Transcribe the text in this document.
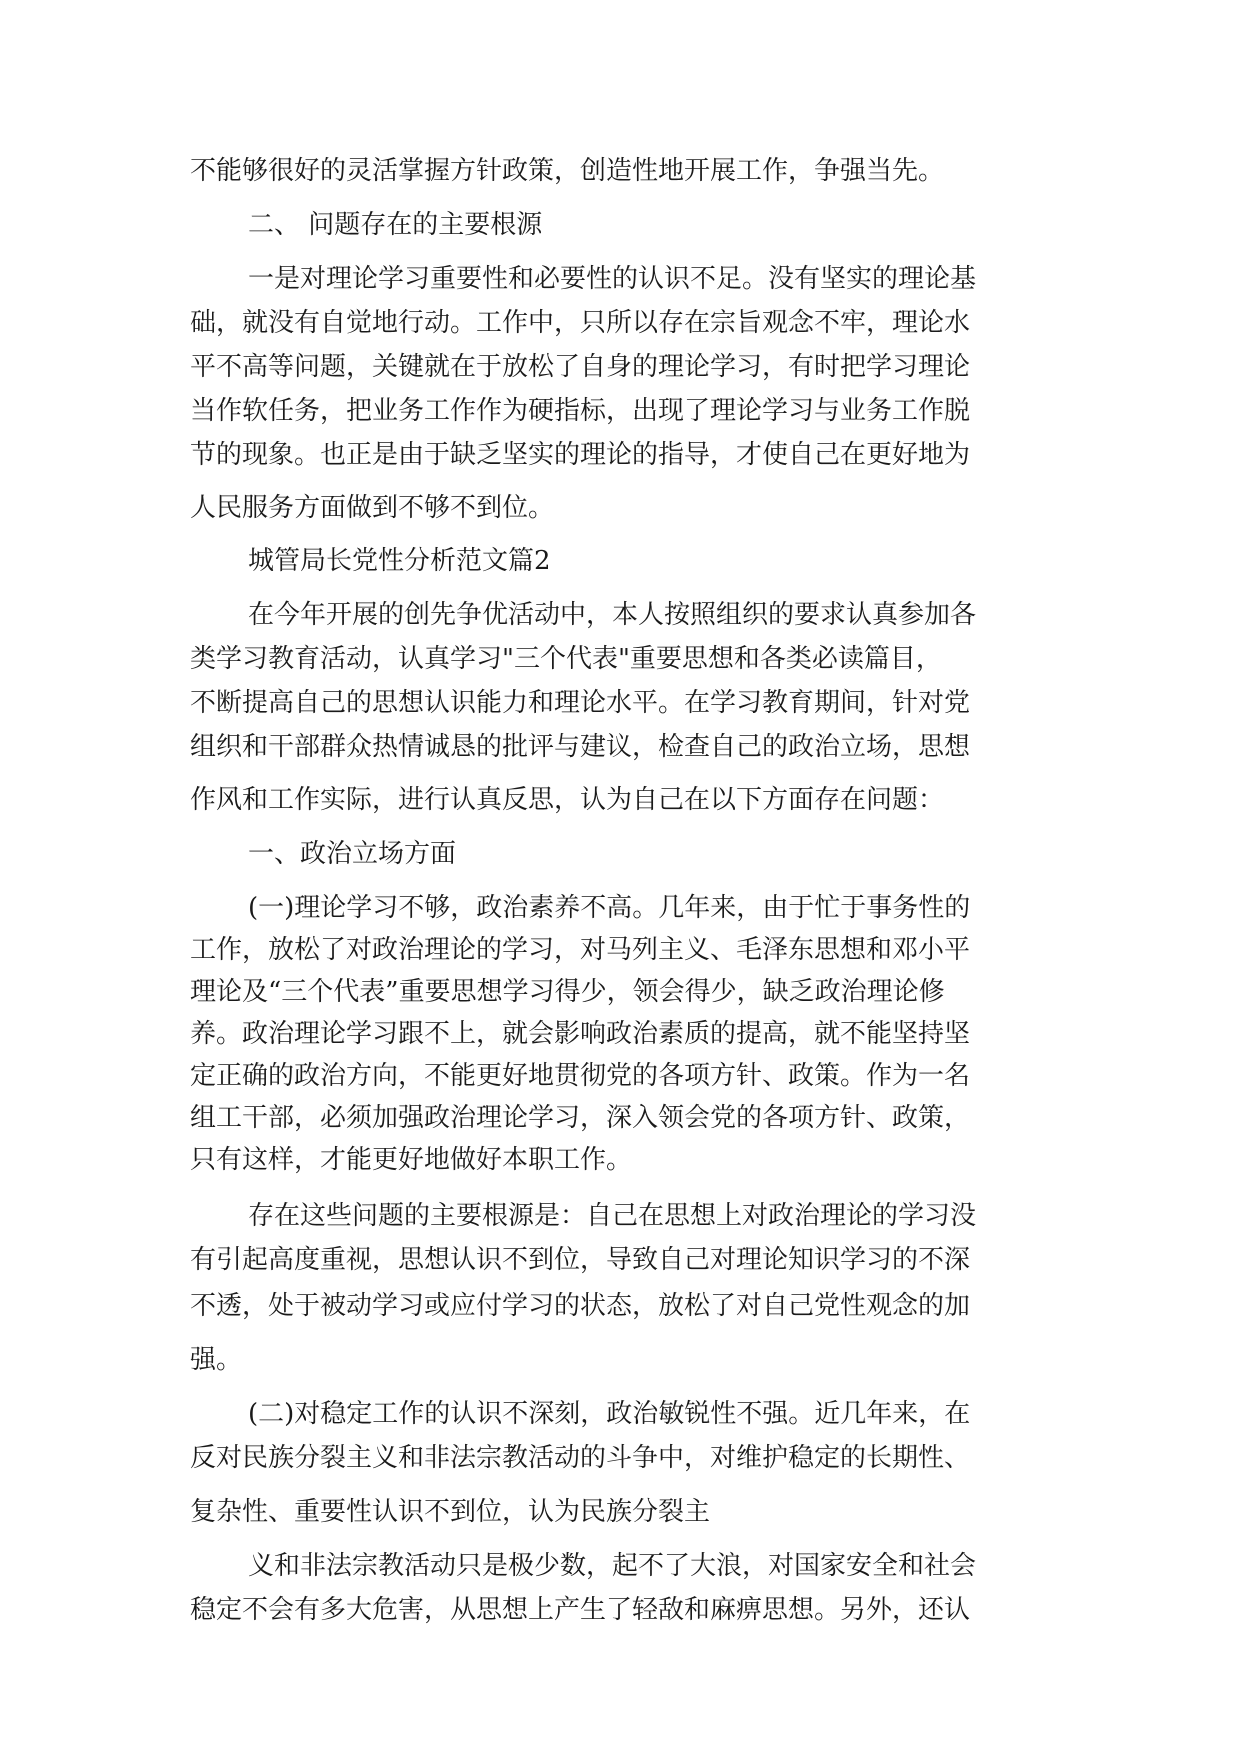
不能够很好的灵活掌握方针政策，创造性地开展工作，争强当先。
二、 问题存在的主要根源
一是对理论学习重要性和必要性的认识不足。没有坚实的理论基
础，就没有自觉地行动。工作中，只所以存在宗旨观念不牢，理论水
平不高等问题，关键就在于放松了自身的理论学习，有时把学习理论
当作软任务，把业务工作作为硬指标，出现了理论学习与业务工作脱
节的现象。也正是由于缺乏坚实的理论的指导，才使自己在更好地为
人民服务方面做到不够不到位。
城管局长党性分析范文篇2
在今年开展的创先争优活动中，本人按照组织的要求认真参加各
类学习教育活动，认真学习"三个代表"重要思想和各类必读篇目，
不断提高自己的思想认识能力和理论水平。在学习教育期间，针对党
组织和干部群众热情诚恳的批评与建议，检查自己的政治立场，思想
作风和工作实际，进行认真反思，认为自己在以下方面存在问题：
一、政治立场方面
(一)理论学习不够，政治素养不高。几年来，由于忙于事务性的
工作，放松了对政治理论的学习，对马列主义、毛泽东思想和邓小平
理论及“三个代表”重要思想学习得少，领会得少，缺乏政治理论修
养。政治理论学习跟不上，就会影响政治素质的提高，就不能坚持坚
定正确的政治方向，不能更好地贯彻党的各项方针、政策。作为一名
组工干部，必须加强政治理论学习，深入领会党的各项方针、政策，
只有这样，才能更好地做好本职工作。
存在这些问题的主要根源是：自己在思想上对政治理论的学习没
有引起高度重视，思想认识不到位，导致自己对理论知识学习的不深
不透，处于被动学习或应付学习的状态，放松了对自己党性观念的加
强。
(二)对稳定工作的认识不深刻，政治敏锐性不强。近几年来，在
反对民族分裂主义和非法宗教活动的斗争中，对维护稳定的长期性、
复杂性、重要性认识不到位，认为民族分裂主
义和非法宗教活动只是极少数，起不了大浪，对国家安全和社会
稳定不会有多大危害，从思想上产生了轻敌和麻痹思想。另外，还认
